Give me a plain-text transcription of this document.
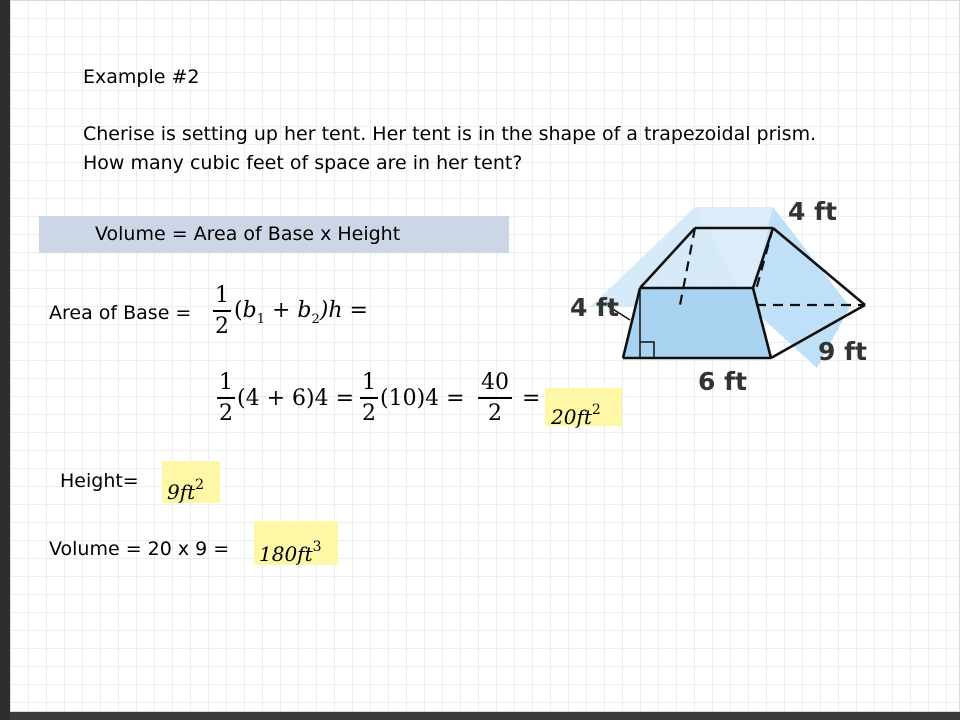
Example #2
Cherise is setting up her tent. Her tent is in the shape of a trapezoidal prism. How many cubic feet of space are in her tent?
Volume = Area of Base x Height
Area of Base =
1
2
$(b_1 + b_2)h$ =
1
2
(4 + 6)4 =
1
2
(10)4 =
40
2
=
$20ft^2$
Height= $9ft^2$
Volume = 20 x $9 = 180ft^3$
4 ft
4 ft
9 ft
6 ft
